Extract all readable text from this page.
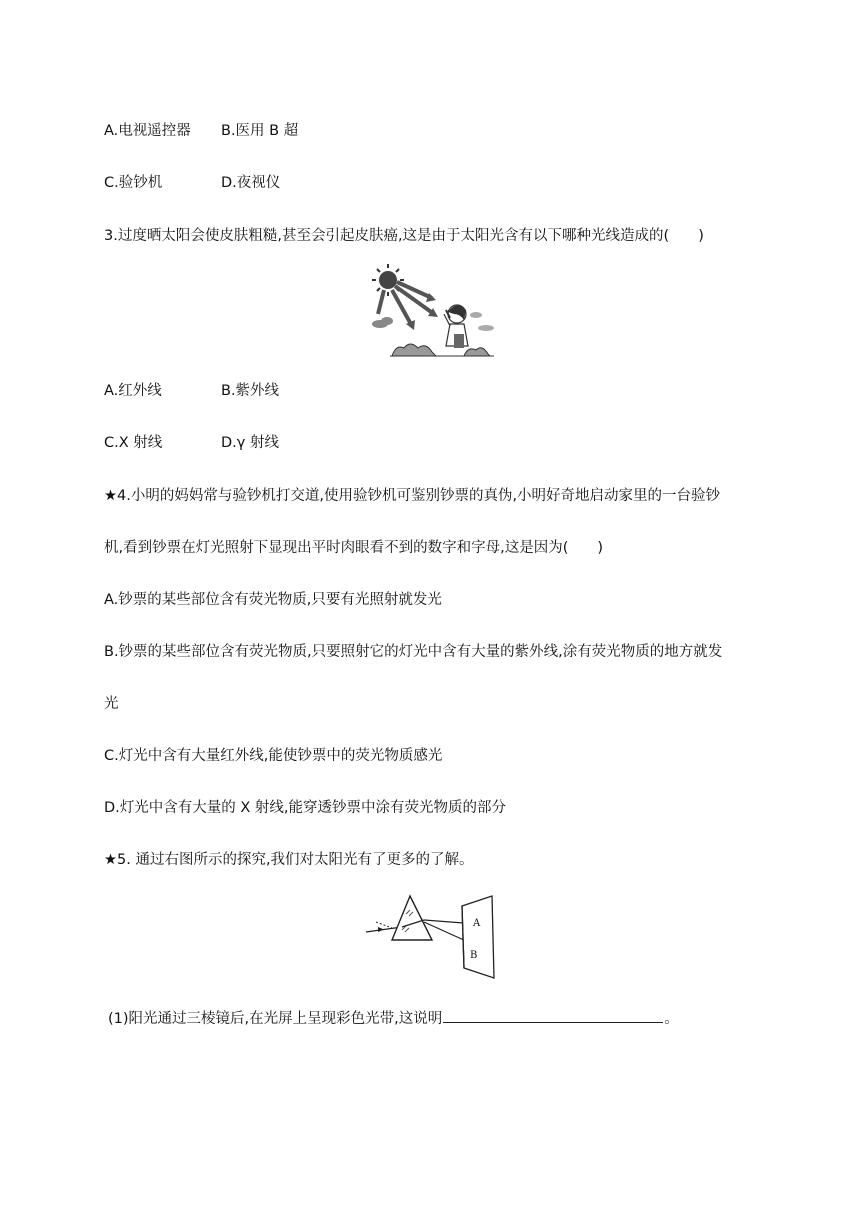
A.电视遥控器 B.医用 B 超
C.验钞机	D.夜视仪
3.过度晒太阳会使皮肤粗糙,甚至会引起皮肤癌,这是由于太阳光含有以下哪种光线造成的(　　)
A.红外线	B.紫外线
C.X 射线	D.γ 射线
★4.小明的妈妈常与验钞机打交道,使用验钞机可鉴别钞票的真伪,小明好奇地启动家里的一台验钞
机,看到钞票在灯光照射下显现出平时肉眼看不到的数字和字母,这是因为(　　)
A.钞票的某些部位含有荧光物质,只要有光照射就发光
B.钞票的某些部位含有荧光物质,只要照射它的灯光中含有大量的紫外线,涂有荧光物质的地方就发
光
C.灯光中含有大量红外线,能使钞票中的荧光物质感光
D.灯光中含有大量的 X 射线,能穿透钞票中涂有荧光物质的部分
★5. 通过右图所示的探究,我们对太阳光有了更多的了解。
A
B
(1)阳光通过三棱镜后,在光屏上呈现彩色光带,这说明	。
